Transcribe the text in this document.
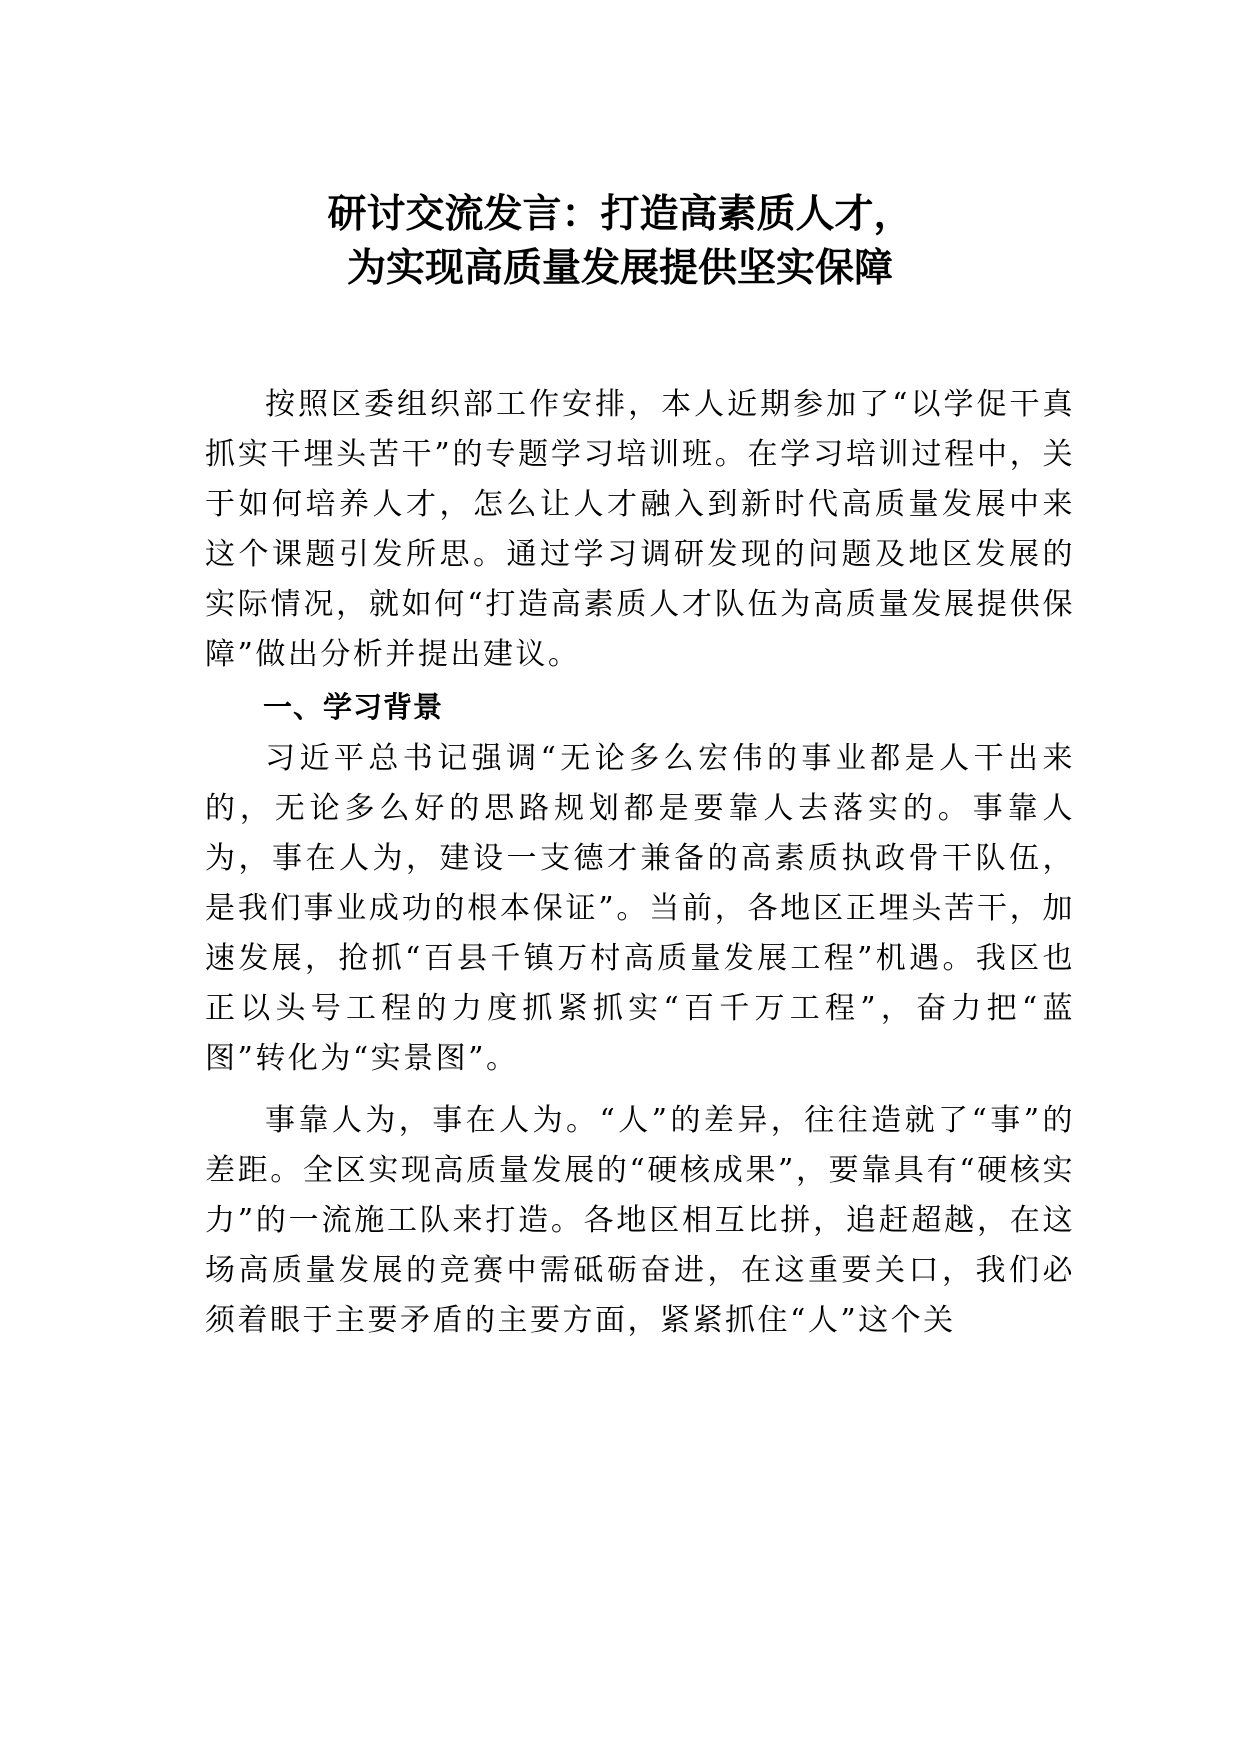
研讨交流发言：打造高素质人才，
为实现高质量发展提供坚实保障

按照区委组织部工作安排，本人近期参加了“以学促干真抓实干埋头苦干”的专题学习培训班。在学习培训过程中，关于如何培养人才，怎么让人才融入到新时代高质量发展中来这个课题引发所思。通过学习调研发现的问题及地区发展的实际情况，就如何“打造高素质人才队伍为高质量发展提供保障”做出分析并提出建议。

一、学习背景

习近平总书记强调“无论多么宏伟的事业都是人干出来的，无论多么好的思路规划都是要靠人去落实的。事靠人为，事在人为，建设一支德才兼备的高素质执政骨干队伍，是我们事业成功的根本保证”。当前，各地区正埋头苦干，加速发展，抢抓“百县千镇万村高质量发展工程”机遇。我区也正以头号工程的力度抓紧抓实“百千万工程”，奋力把“蓝图”转化为“实景图”。

事靠人为，事在人为。“人”的差异，往往造就了“事”的差距。全区实现高质量发展的“硬核成果”，要靠具有“硬核实力”的一流施工队来打造。各地区相互比拼，追赶超越，在这场高质量发展的竞赛中需砥砺奋进，在这重要关口，我们必须着眼于主要矛盾的主要方面，紧紧抓住“人”这个关
